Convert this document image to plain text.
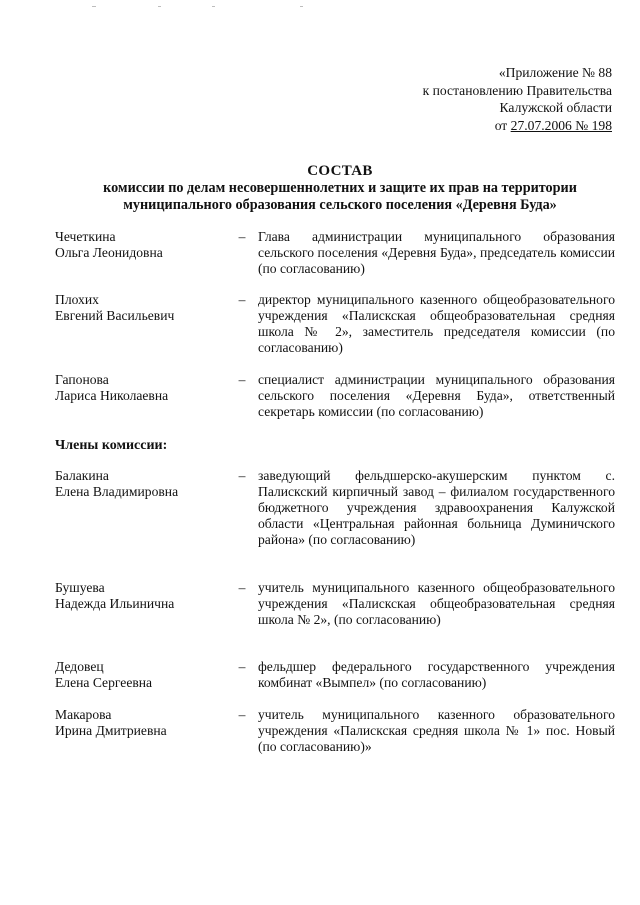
«Приложение № 88
к постановлению Правительства
Калужской области
от 27.07.2006 № 198
СОСТАВ
комиссии по делам несовершеннолетних и защите их прав на территории
муниципального образования сельского поселения «Деревня Буда»
Чечеткина
Ольга Леонидовна
– Глава администрации муниципального образования сельского поселения «Деревня Буда», председатель комиссии (по согласованию)
Плохих
Евгений Васильевич
– директор муниципального казенного общеобразовательного учреждения «Палискская общеобразовательная средняя школа № 2», заместитель председателя комиссии (по согласованию)
Гапонова
Лариса Николаевна
– специалист администрации муниципального образования сельского поселения «Деревня Буда», ответственный секретарь комиссии (по согласованию)
Члены комиссии:
Балакина
Елена Владимировна
– заведующий фельдшерско-акушерским пунктом с. Палискский кирпичный завод – филиалом государственного бюджетного учреждения здравоохранения Калужской области «Центральная районная больница Думиничского района» (по согласованию)
Бушуева
Надежда Ильинична
– учитель муниципального казенного общеобразовательного учреждения «Палискская общеобразовательная средняя школа № 2», (по согласованию)
Дедовец
Елена Сергеевна
– фельдшер федерального государственного учреждения комбинат «Вымпел» (по согласованию)
Макарова
Ирина Дмитриевна
– учитель муниципального казенного образовательного учреждения «Палискская средняя школа № 1» пос. Новый (по согласованию)»
